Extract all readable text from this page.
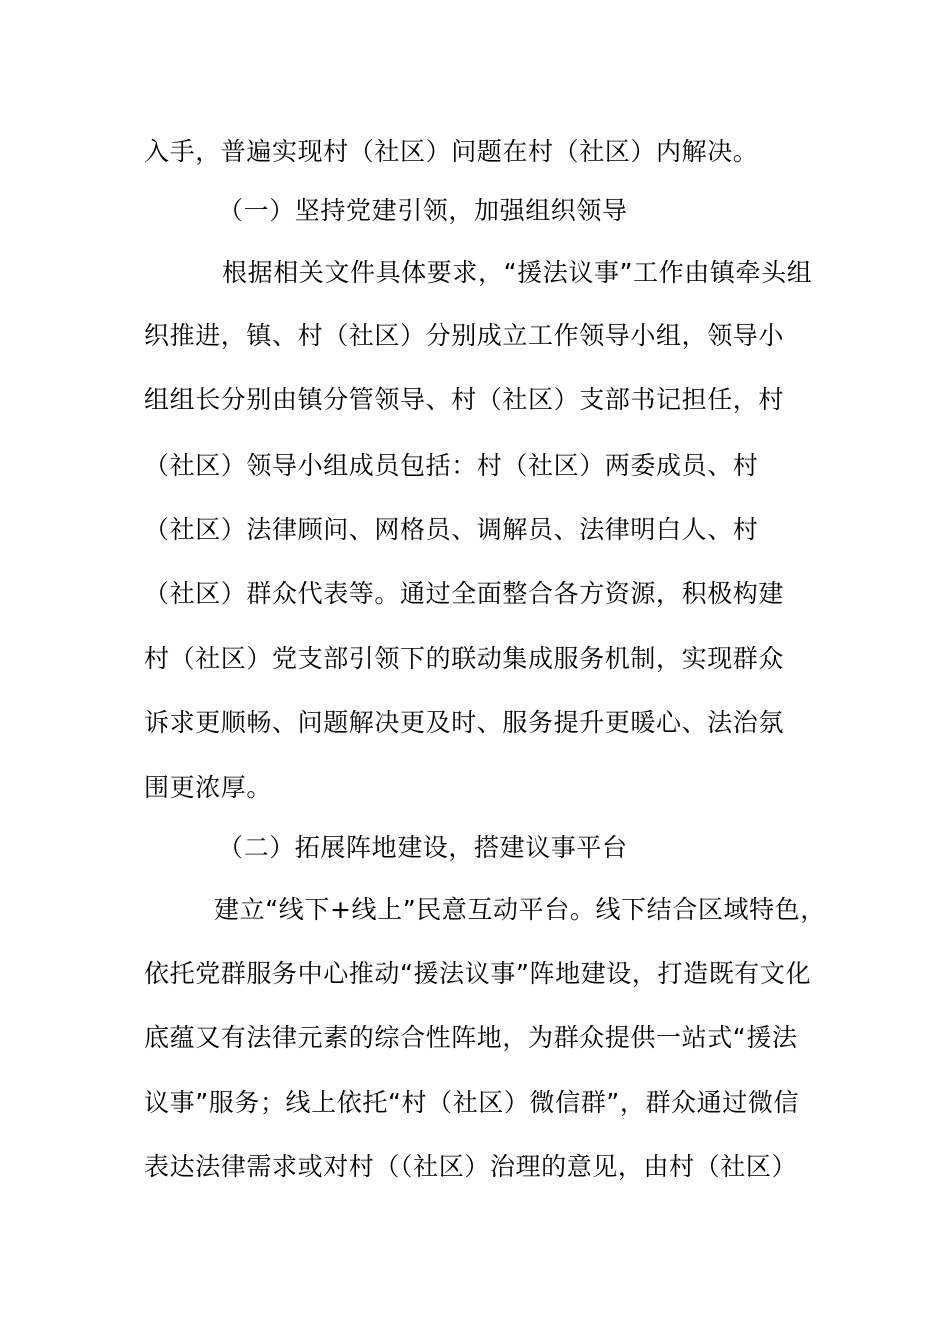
入手，普遍实现村（社区）问题在村（社区）内解决。
（一）坚持党建引领，加强组织领导
根据相关文件具体要求，“援法议事”工作由镇牵头组
织推进，镇、村（社区）分别成立工作领导小组，领导小
组组长分别由镇分管领导、村（社区）支部书记担任，村
（社区）领导小组成员包括：村（社区）两委成员、村
（社区）法律顾问、网格员、调解员、法律明白人、村
（社区）群众代表等。通过全面整合各方资源，积极构建
村（社区）党支部引领下的联动集成服务机制，实现群众
诉求更顺畅、问题解决更及时、服务提升更暖心、法治氛
围更浓厚。
（二）拓展阵地建设，搭建议事平台
建立“线下+线上”民意互动平台。线下结合区域特色，
依托党群服务中心推动“援法议事”阵地建设，打造既有文化
底蕴又有法律元素的综合性阵地，为群众提供一站式“援法
议事”服务；线上依托“村（社区）微信群”，群众通过微信
表达法律需求或对村（（社区）治理的意见，由村（社区）
